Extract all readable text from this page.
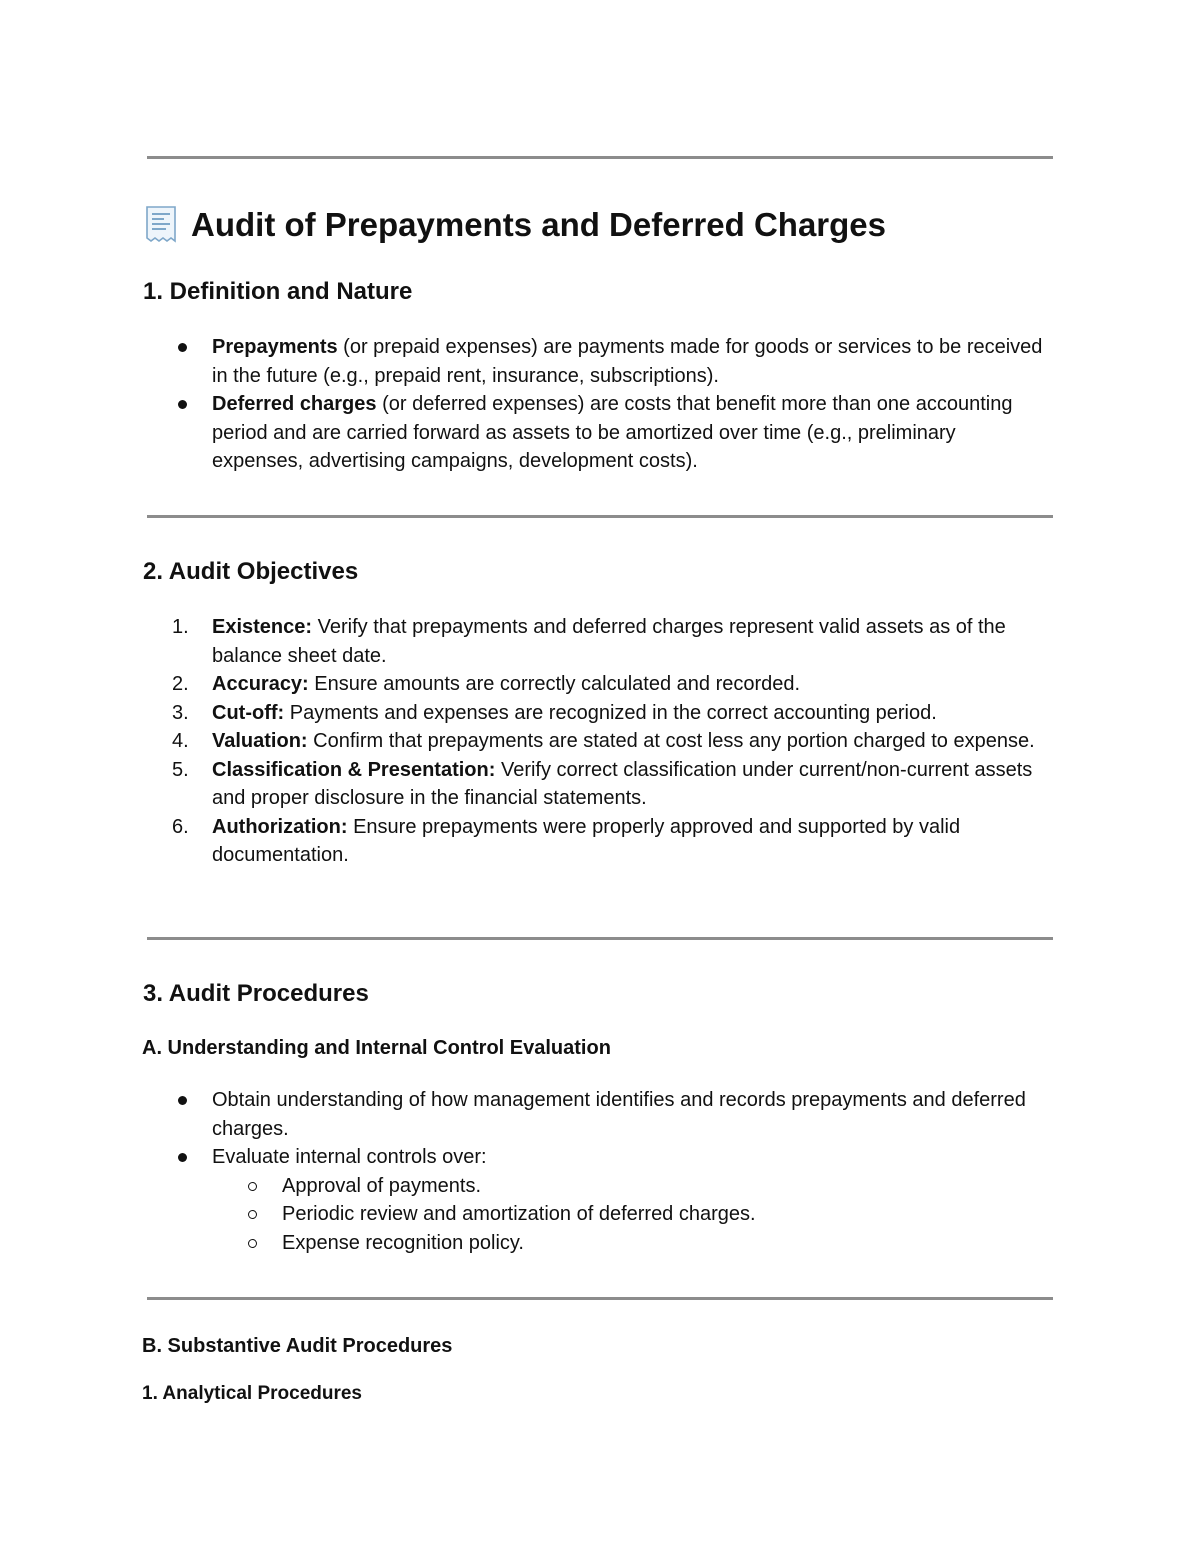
Audit of Prepayments and Deferred Charges
1. Definition and Nature
Prepayments (or prepaid expenses) are payments made for goods or services to be received in the future (e.g., prepaid rent, insurance, subscriptions).
Deferred charges (or deferred expenses) are costs that benefit more than one accounting period and are carried forward as assets to be amortized over time (e.g., preliminary expenses, advertising campaigns, development costs).
2. Audit Objectives
1.	Existence: Verify that prepayments and deferred charges represent valid assets as of the balance sheet date.
2.	Accuracy: Ensure amounts are correctly calculated and recorded.
3.	Cut-off: Payments and expenses are recognized in the correct accounting period.
4.	Valuation: Confirm that prepayments are stated at cost less any portion charged to expense.
5.	Classification & Presentation: Verify correct classification under current/non-current assets and proper disclosure in the financial statements.
6.	Authorization: Ensure prepayments were properly approved and supported by valid documentation.
3. Audit Procedures
A. Understanding and Internal Control Evaluation
Obtain understanding of how management identifies and records prepayments and deferred charges.
Evaluate internal controls over:
Approval of payments.
Periodic review and amortization of deferred charges.
Expense recognition policy.
B. Substantive Audit Procedures
1. Analytical Procedures
